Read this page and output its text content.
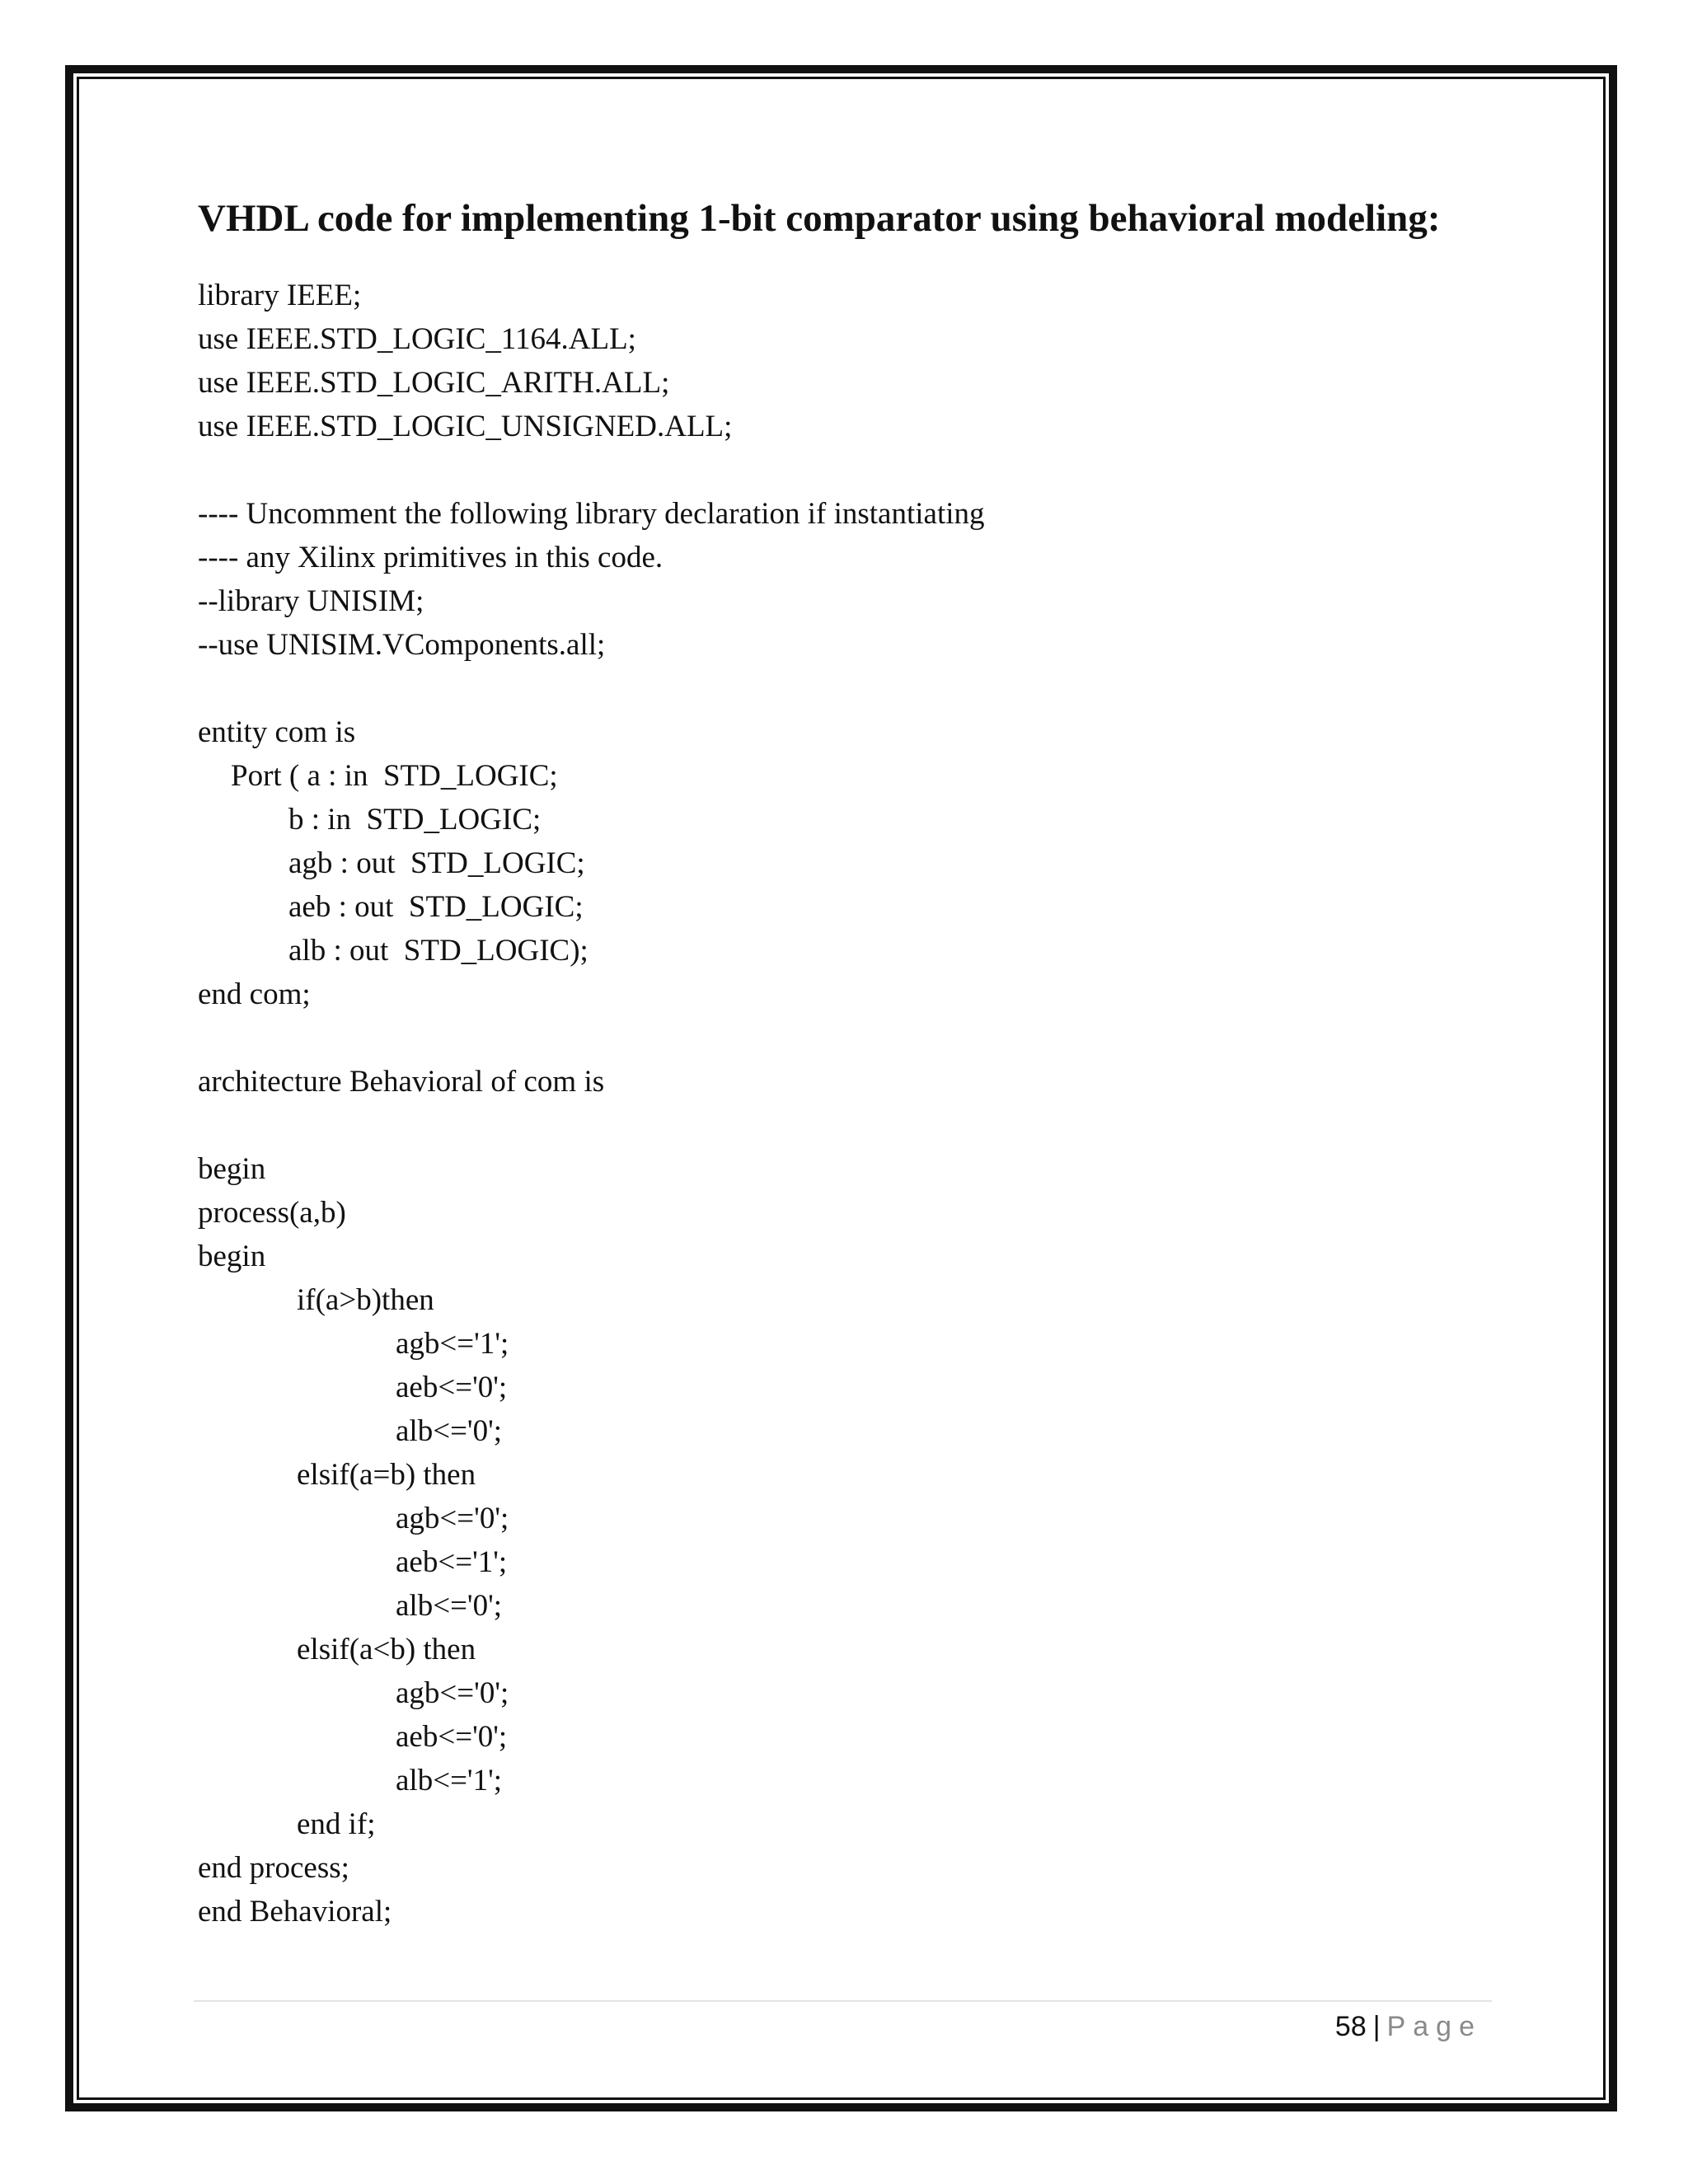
VHDL code for implementing 1-bit comparator using behavioral modeling:
library IEEE;
use IEEE.STD_LOGIC_1164.ALL;
use IEEE.STD_LOGIC_ARITH.ALL;
use IEEE.STD_LOGIC_UNSIGNED.ALL;
---- Uncomment the following library declaration if instantiating
---- any Xilinx primitives in this code.
--library UNISIM;
--use UNISIM.VComponents.all;
entity com is
Port ( a : in  STD_LOGIC;
b : in  STD_LOGIC;
agb : out  STD_LOGIC;
aeb : out  STD_LOGIC;
alb : out  STD_LOGIC);
end com;
architecture Behavioral of com is
begin
process(a,b)
begin
if(a>b)then
agb<='1';
aeb<='0';
alb<='0';
elsif(a=b) then
agb<='0';
aeb<='1';
alb<='0';
elsif(a<b) then
agb<='0';
aeb<='0';
alb<='1';
end if;
end process;
end Behavioral;
58 | Page
